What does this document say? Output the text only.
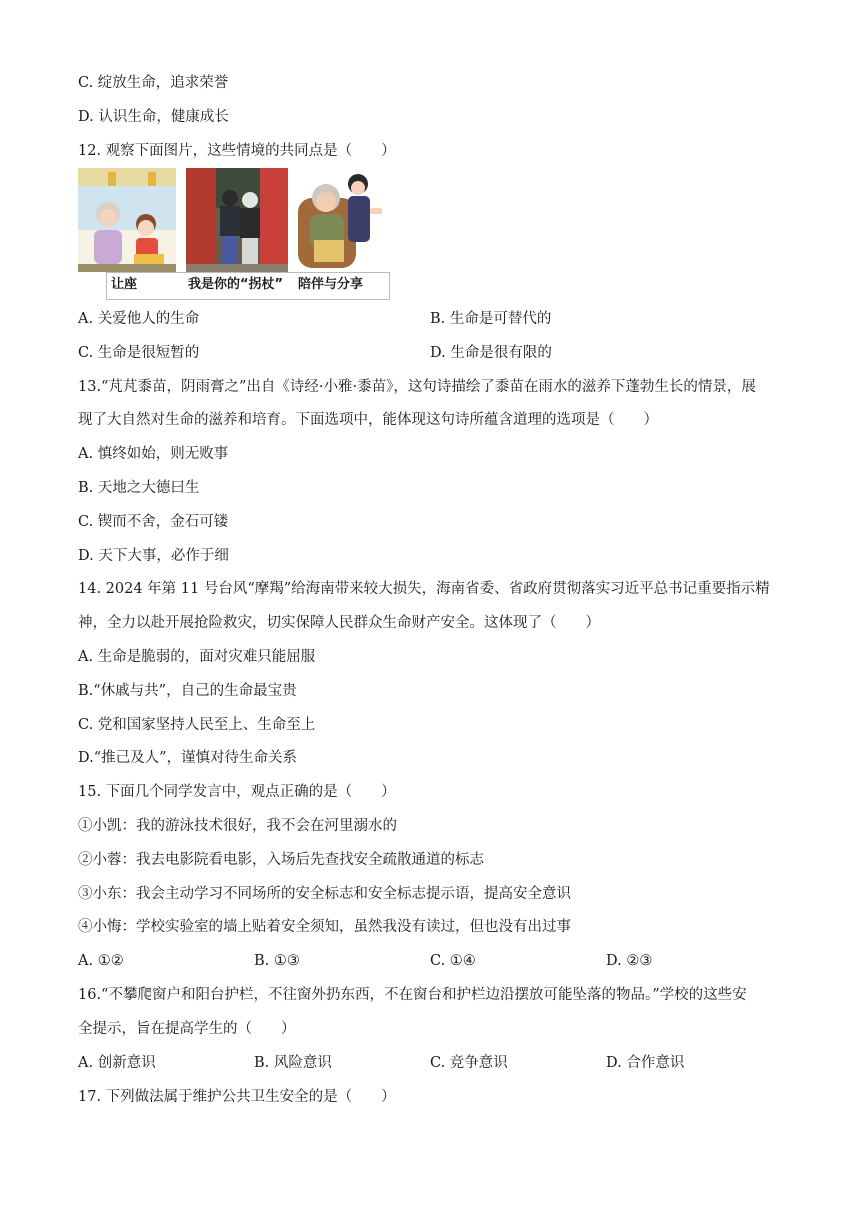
C. 绽放生命，追求荣誉
D. 认识生命，健康成长
12. 观察下面图片，这些情境的共同点是（　　）
让座	我是你的“拐杖” 陪伴与分享
A. 关爱他人的生命	B. 生命是可替代的
C. 生命是很短暂的	D. 生命是很有限的
13.“芃芃黍苗，阴雨膏之”出自《诗经·小雅·黍苗》，这句诗描绘了黍苗在雨水的滋养下蓬勃生长的情景，展
现了大自然对生命的滋养和培育。下面选项中，能体现这句诗所蕴含道理的选项是（　　）
A. 慎终如始，则无败事
B. 天地之大德曰生
C. 锲而不舍，金石可镂
D. 天下大事，必作于细
14. 2024 年第 11 号台风“摩羯”给海南带来较大损失，海南省委、省政府贯彻落实习近平总书记重要指示精
神，全力以赴开展抢险救灾，切实保障人民群众生命财产安全。这体现了（　　）
A. 生命是脆弱的，面对灾难只能屈服
B.“休戚与共”，自己的生命最宝贵
C. 党和国家坚持人民至上、生命至上
D.“推己及人”，谨慎对待生命关系
15. 下面几个同学发言中，观点正确的是（　　）
①小凯：我的游泳技术很好，我不会在河里溺水的
②小蓉：我去电影院看电影，入场后先查找安全疏散通道的标志
③小东：我会主动学习不同场所的安全标志和安全标志提示语，提高安全意识
④小悔：学校实验室的墙上贴着安全须知，虽然我没有读过，但也没有出过事
A. ①②	B. ①③	C. ①④	D. ②③
16.“不攀爬窗户和阳台护栏，不往窗外扔东西，不在窗台和护栏边沿摆放可能坠落的物品。”学校的这些安
全提示，旨在提高学生的（　　）
A. 创新意识	B. 风险意识	C. 竞争意识	D. 合作意识
17. 下列做法属于维护公共卫生安全的是（　　）
